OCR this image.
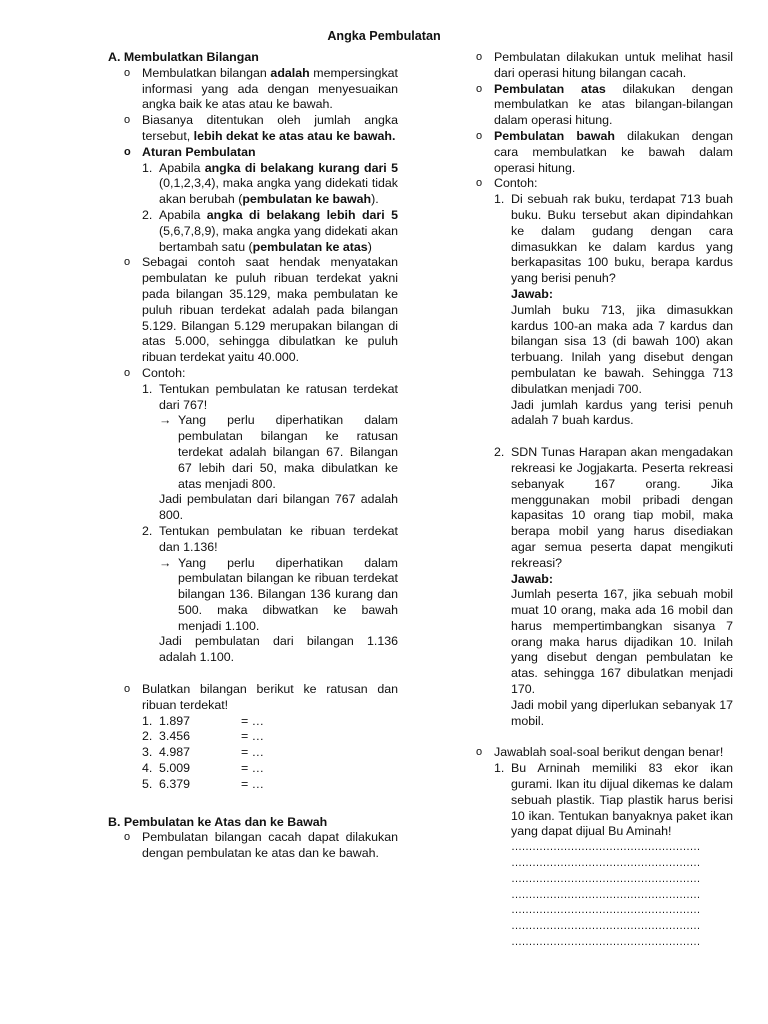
Angka Pembulatan
A. Membulatkan Bilangan
o Membulatkan bilangan adalah mempersingkat informasi yang ada dengan menyesuaikan angka baik ke atas atau ke bawah.
o Biasanya ditentukan oleh jumlah angka tersebut, lebih dekat ke atas atau ke bawah.
o Aturan Pembulatan
1. Apabila angka di belakang kurang dari 5 (0,1,2,3,4), maka angka yang didekati tidak akan berubah (pembulatan ke bawah).
2. Apabila angka di belakang lebih dari 5 (5,6,7,8,9), maka angka yang didekati akan bertambah satu (pembulatan ke atas)
o Sebagai contoh saat hendak menyatakan pembulatan ke puluh ribuan terdekat yakni pada bilangan 35.129, maka pembulatan ke puluh ribuan terdekat adalah pada bilangan 5.129. Bilangan 5.129 merupakan bilangan di atas 5.000, sehingga dibulatkan ke puluh ribuan terdekat yaitu 40.000.
o Contoh:
1. Tentukan pembulatan ke ratusan terdekat dari 767!
→ Yang perlu diperhatikan dalam pembulatan bilangan ke ratusan terdekat adalah bilangan 67. Bilangan 67 lebih dari 50, maka dibulatkan ke atas menjadi 800.
Jadi pembulatan dari bilangan 767 adalah 800.
2. Tentukan pembulatan ke ribuan terdekat dan 1.136!
→ Yang perlu diperhatikan dalam pembulatan bilangan ke ribuan terdekat bilangan 136. Bilangan 136 kurang dan 500. maka dibwatkan ke bawah menjadi 1.100.
Jadi pembulatan dari bilangan 1.136 adalah 1.100.
o Bulatkan bilangan berikut ke ratusan dan ribuan terdekat!
1. 1.897	= …
2. 3.456	= …
3. 4.987	= …
4. 5.009	= …
5. 6.379	= …
B. Pembulatan ke Atas dan ke Bawah
o Pembulatan bilangan cacah dapat dilakukan dengan pembulatan ke atas dan ke bawah.
o Pembulatan dilakukan untuk melihat hasil dari operasi hitung bilangan cacah.
o Pembulatan atas dilakukan dengan membulatkan ke atas bilangan-bilangan dalam operasi hitung.
o Pembulatan bawah dilakukan dengan cara membulatkan ke bawah dalam operasi hitung.
o Contoh:
1. Di sebuah rak buku, terdapat 713 buah buku. Buku tersebut akan dipindahkan ke dalam gudang dengan cara dimasukkan ke dalam kardus yang berkapasitas 100 buku, berapa kardus yang berisi penuh?
Jawab:
Jumlah buku 713, jika dimasukkan kardus 100-an maka ada 7 kardus dan bilangan sisa 13 (di bawah 100) akan terbuang. Inilah yang disebut dengan pembulatan ke bawah. Sehingga 713 dibulatkan menjadi 700.
Jadi jumlah kardus yang terisi penuh adalah 7 buah kardus.
2. SDN Tunas Harapan akan mengadakan rekreasi ke Jogjakarta. Peserta rekreasi sebanyak 167 orang. Jika menggunakan mobil pribadi dengan kapasitas 10 orang tiap mobil, maka berapa mobil yang harus disediakan agar semua peserta dapat mengikuti rekreasi?
Jawab:
Jumlah peserta 167, jika sebuah mobil muat 10 orang, maka ada 16 mobil dan harus mempertimbangkan sisanya 7 orang maka harus dijadikan 10. Inilah yang disebut dengan pembulatan ke atas. sehingga 167 dibulatkan menjadi 170.
Jadi mobil yang diperlukan sebanyak 17 mobil.
o Jawablah soal-soal berikut dengan benar!
1. Bu Arninah memiliki 83 ekor ikan gurami. Ikan itu dijual dikemas ke dalam sebuah plastik. Tiap plastik harus berisi 10 ikan. Tentukan banyaknya paket ikan yang dapat dijual Bu Aminah!
………………………………………………
………………………………………………
………………………………………………
………………………………………………
………………………………………………
………………………………………………
………………………………………………
